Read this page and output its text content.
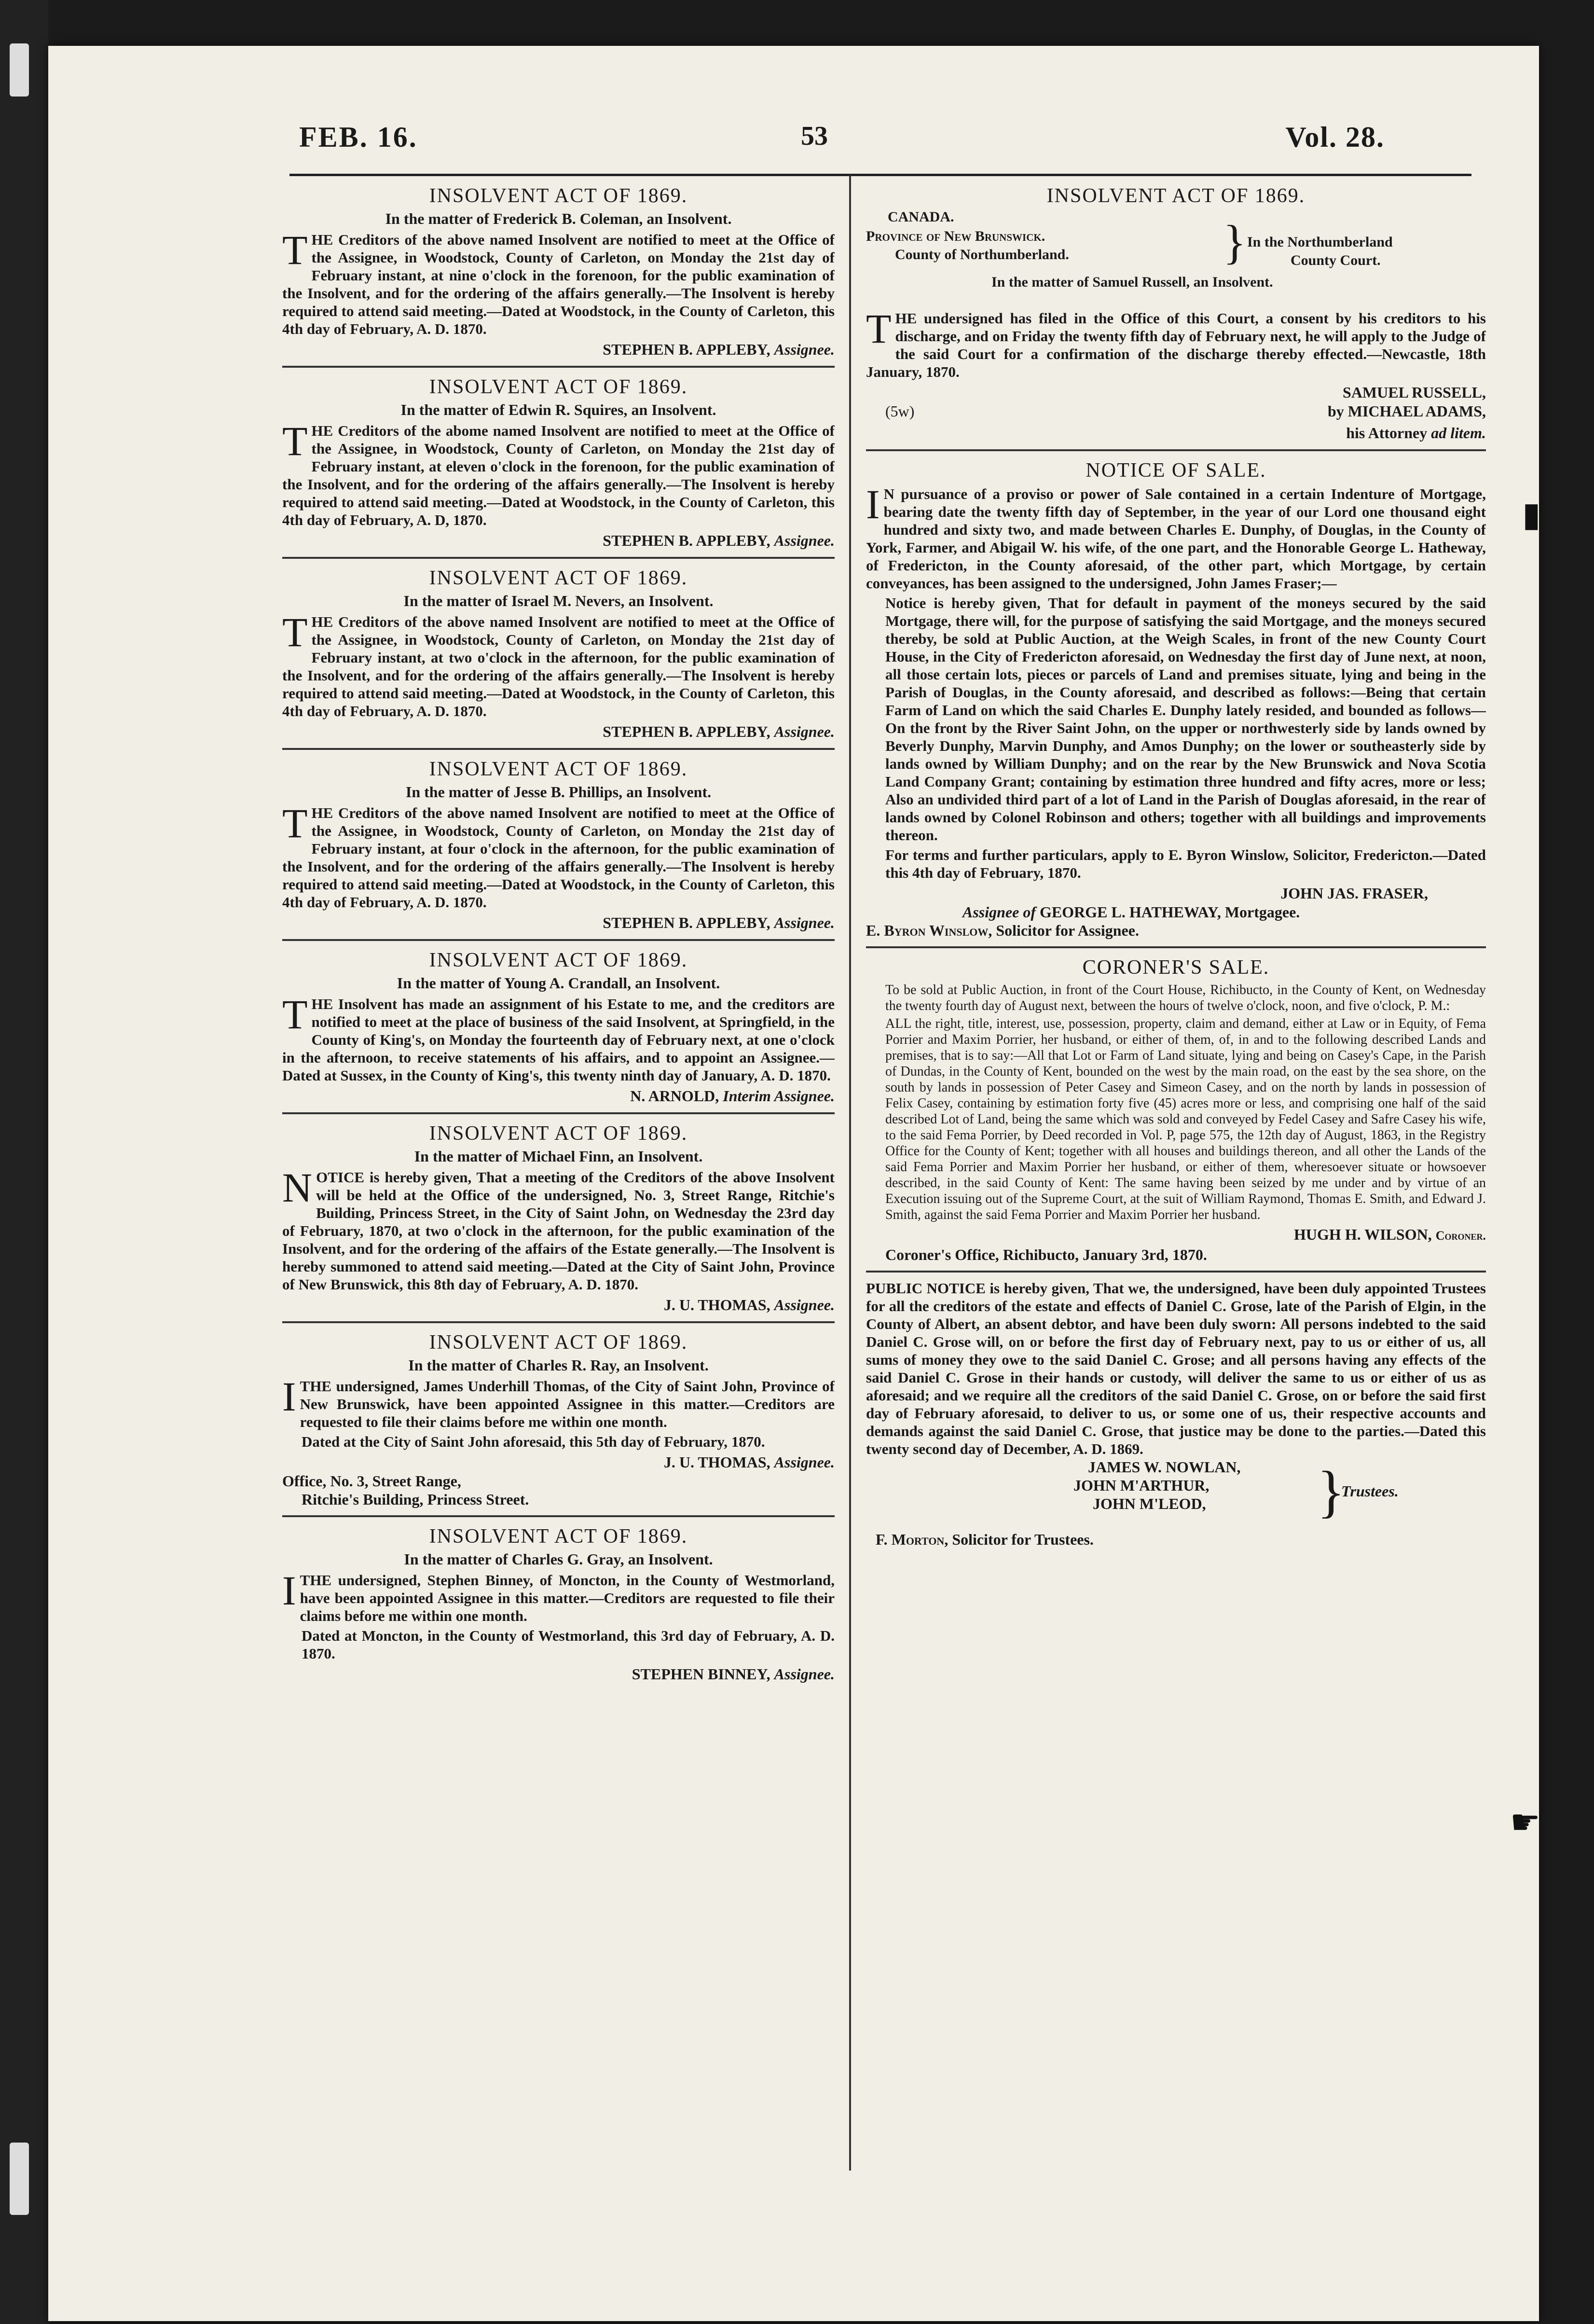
FEB. 16.	53	Vol. 28.

INSOLVENT ACT OF 1869.

In the matter of Frederick B. Coleman, an Insolvent.

THE Creditors of the above named Insolvent are notified to meet at the Office of the Assignee, in Woodstock, County of Carleton, on Monday the 21st day of February instant, at nine o'clock in the forenoon, for the public examination of the Insolvent, and for the ordering of the affairs generally.—The Insolvent is hereby required to attend said meeting.—Dated at Woodstock, in the County of Carleton, this 4th day of February, A. D. 1870.

STEPHEN B. APPLEBY, Assignee.

INSOLVENT ACT OF 1869.

In the matter of Edwin R. Squires, an Insolvent.

THE Creditors of the abome named Insolvent are notified to meet at the Office of the Assignee, in Woodstock, County of Carleton, on Monday the 21st day of February instant, at eleven o'clock in the forenoon, for the public examination of the Insolvent, and for the ordering of the affairs generally.—The Insolvent is hereby required to attend said meeting.—Dated at Woodstock, in the County of Carleton, this 4th day of February, A. D, 1870.

STEPHEN B. APPLEBY, Assignee.

INSOLVENT ACT OF 1869.

In the matter of Israel M. Nevers, an Insolvent.

THE Creditors of the above named Insolvent are notified to meet at the Office of the Assignee, in Woodstock, County of Carleton, on Monday the 21st day of February instant, at two o'clock in the afternoon, for the public examination of the Insolvent, and for the ordering of the affairs generally.—The Insolvent is hereby required to attend said meeting.—Dated at Woodstock, in the County of Carleton, this 4th day of February, A. D. 1870.

STEPHEN B. APPLEBY, Assignee.

INSOLVENT ACT OF 1869.

In the matter of Jesse B. Phillips, an Insolvent.

THE Creditors of the above named Insolvent are notified to meet at the Office of the Assignee, in Woodstock, County of Carleton, on Monday the 21st day of February instant, at four o'clock in the afternoon, for the public examination of the Insolvent, and for the ordering of the affairs generally.—The Insolvent is hereby required to attend said meeting.—Dated at Woodstock, in the County of Carleton, this 4th day of February, A. D. 1870.

STEPHEN B. APPLEBY, Assignee.

INSOLVENT ACT OF 1869.

In the matter of Young A. Crandall, an Insolvent.

THE Insolvent has made an assignment of his Estate to me, and the creditors are notified to meet at the place of business of the said Insolvent, at Springfield, in the County of King's, on Monday the fourteenth day of February next, at one o'clock in the afternoon, to receive statements of his affairs, and to appoint an Assignee.—Dated at Sussex, in the County of King's, this twenty ninth day of January, A. D. 1870.

N. ARNOLD, Interim Assignee.

INSOLVENT ACT OF 1869.

In the matter of Michael Finn, an Insolvent.

NOTICE is hereby given, That a meeting of the Creditors of the above Insolvent will be held at the Office of the undersigned, No. 3, Street Range, Ritchie's Building, Princess Street, in the City of Saint John, on Wednesday the 23rd day of February, 1870, at two o'clock in the afternoon, for the public examination of the Insolvent, and for the ordering of the affairs of the Estate generally.—The Insolvent is hereby summoned to attend said meeting.—Dated at the City of Saint John, Province of New Brunswick, this 8th day of February, A. D. 1870.

J. U. THOMAS, Assignee.

INSOLVENT ACT OF 1869.

In the matter of Charles R. Ray, an Insolvent.

ITHE undersigned, James Underhill Thomas, of the City of Saint John, Province of New Brunswick, have been appointed Assignee in this matter.—Creditors are requested to file their claims before me within one month.

Dated at the City of Saint John aforesaid, this 5th day of February, 1870.

J. U. THOMAS, Assignee.

Office, No. 3, Street Range,

Ritchie's Building, Princess Street.

INSOLVENT ACT OF 1869.

In the matter of Charles G. Gray, an Insolvent.

ITHE undersigned, Stephen Binney, of Moncton, in the County of Westmorland, have been appointed Assignee in this matter.—Creditors are requested to file their claims before me within one month.

Dated at Moncton, in the County of Westmorland, this 3rd day of February, A. D. 1870.

STEPHEN BINNEY, Assignee.

INSOLVENT ACT OF 1869.

CANADA.
Province of New Brunswick.
County of Northumberland.	} In the Northumberland
County Court.
In the matter of Samuel Russell, an Insolvent.

THE undersigned has filed in the Office of this Court, a consent by his creditors to his discharge, and on Friday the twenty fifth day of February next, he will apply to the Judge of the said Court for a confirmation of the discharge thereby effected.—Newcastle, 18th January, 1870.

SAMUEL RUSSELL,

(5w)	by MICHAEL ADAMS,

his Attorney ad litem.

NOTICE OF SALE.

I N pursuance of a proviso or power of Sale contained in a certain Indenture of Mortgage, bearing date the twenty fifth day of September, in the year of our Lord one thousand eight hundred and sixty two, and made between Charles E. Dunphy, of Douglas, in the County of York, Farmer, and Abigail W. his wife, of the one part, and the Honorable George L. Hatheway, of Fredericton, in the County aforesaid, of the other part, which Mortgage, by certain conveyances, has been assigned to the undersigned, John James Fraser;—

Notice is hereby given, That for default in payment of the moneys secured by the said Mortgage, there will, for the purpose of satisfying the said Mortgage, and the moneys secured thereby, be sold at Public Auction, at the Weigh Scales, in front of the new County Court House, in the City of Fredericton aforesaid, on Wednesday the first day of June next, at noon, all those certain lots, pieces or parcels of Land and premises situate, lying and being in the Parish of Douglas, in the County aforesaid, and described as follows:—Being that certain Farm of Land on which the said Charles E. Dunphy lately resided, and bounded as follows—On the front by the River Saint John, on the upper or northwesterly side by lands owned by Beverly Dunphy, Marvin Dunphy, and Amos Dunphy; on the lower or southeasterly side by lands owned by William Dunphy; and on the rear by the New Brunswick and Nova Scotia Land Company Grant; containing by estimation three hundred and fifty acres, more or less; Also an undivided third part of a lot of Land in the Parish of Douglas aforesaid, in the rear of lands owned by Colonel Robinson and others; together with all buildings and improvements thereon.

For terms and further particulars, apply to E. Byron Winslow, Solicitor, Fredericton.—Dated this 4th day of February, 1870.

JOHN JAS. FRASER,

Assignee of GEORGE L. HATHEWAY, Mortgagee.

E. Byron Winslow, Solicitor for Assignee.

CORONER'S SALE.

To be sold at Public Auction, in front of the Court House, Richibucto, in the County of Kent, on Wednesday the twenty fourth day of August next, between the hours of twelve o'clock, noon, and five o'clock, P. M.:

ALL the right, title, interest, use, possession, property, claim and demand, either at Law or in Equity, of Fema Porrier and Maxim Porrier, her husband, or either of them, of, in and to the following described Lands and premises, that is to say:—All that Lot or Farm of Land situate, lying and being on Casey's Cape, in the Parish of Dundas, in the County of Kent, bounded on the west by the main road, on the east by the sea shore, on the south by lands in possession of Peter Casey and Simeon Casey, and on the north by lands in possession of Felix Casey, containing by estimation forty five (45) acres more or less, and comprising one half of the said described Lot of Land, being the same which was sold and conveyed by Fedel Casey and Safre Casey his wife, to the said Fema Porrier, by Deed recorded in Vol. P, page 575, the 12th day of August, 1863, in the Registry Office for the County of Kent; together with all houses and buildings thereon, and all other the Lands of the said Fema Porrier and Maxim Porrier her husband, or either of them, wheresoever situate or howsoever described, in the said County of Kent: The same having been seized by me under and by virtue of an Execution issuing out of the Supreme Court, at the suit of William Raymond, Thomas E. Smith, and Edward J. Smith, against the said Fema Porrier and Maxim Porrier her husband.

HUGH H. WILSON, Coroner.

Coroner's Office, Richibucto, January 3rd, 1870.

PUBLIC NOTICE is hereby given, That we, the undersigned, have been duly appointed Trustees for all the creditors of the estate and effects of Daniel C. Grose, late of the Parish of Elgin, in the County of Albert, an absent debtor, and have been duly sworn: All persons indebted to the said Daniel C. Grose will, on or before the first day of February next, pay to us or either of us, all sums of money they owe to the said Daniel C. Grose; and all persons having any effects of the said Daniel C. Grose in their hands or custody, will deliver the same to us or either of us as aforesaid; and we require all the creditors of the said Daniel C. Grose, on or before the said first day of February aforesaid, to deliver to us, or some one of us, their respective accounts and demands against the said Daniel C. Grose, that justice may be done to the parties.—Dated this twenty second day of December, A. D. 1869.

JAMES W. NOWLAN,
JOHN M'ARTHUR,
JOHN M'LEOD, }
Trustees.

F. Morton, Solicitor for Trustees.

▮
☛
